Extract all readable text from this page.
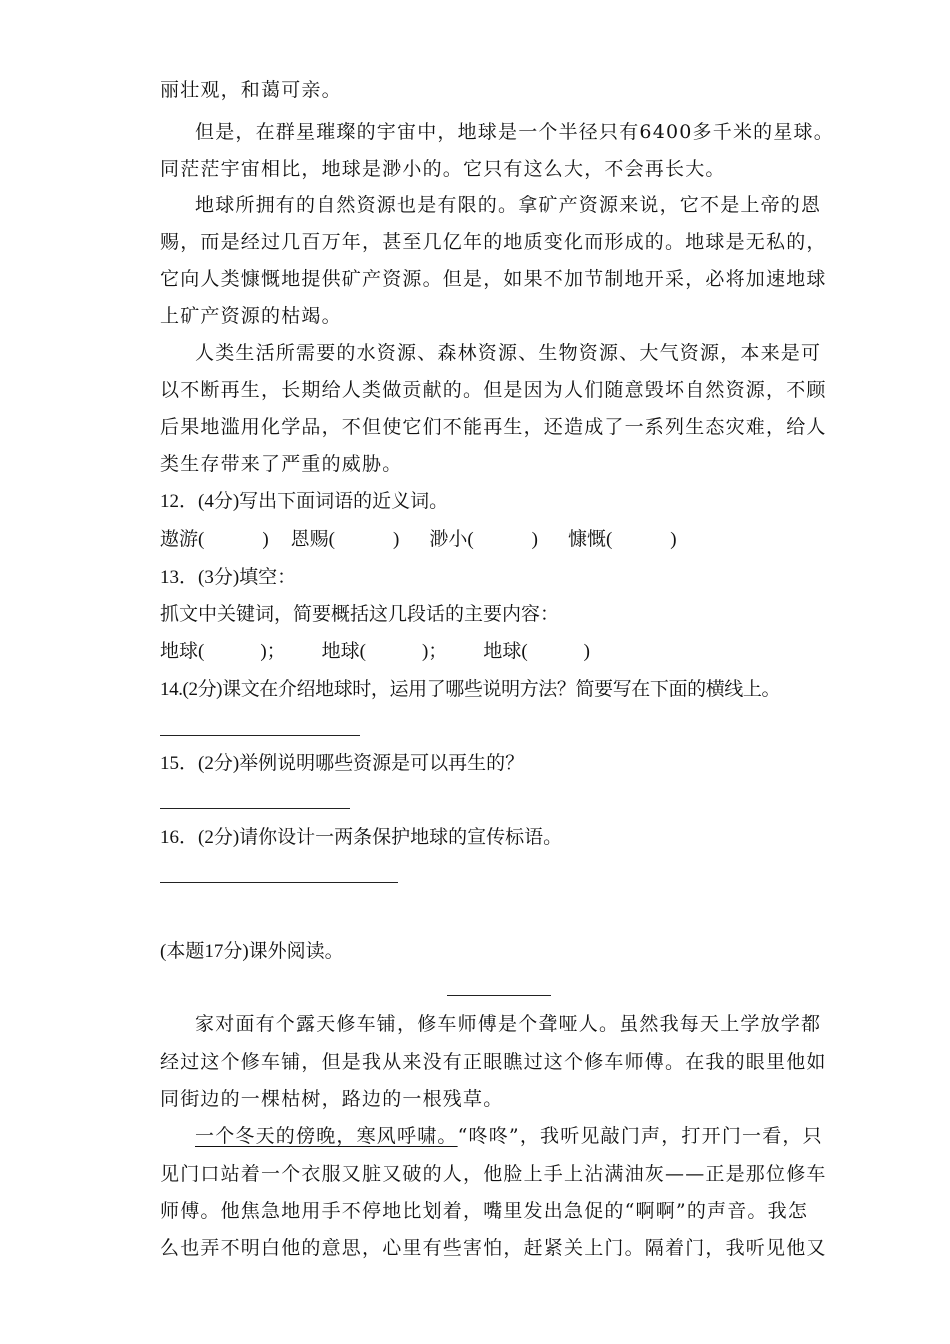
丽壮观，和蔼可亲。
但是，在群星璀璨的宇宙中，地球是一个半径只有6400多千米的星球。
同茫茫宇宙相比，地球是渺小的。它只有这么大，不会再长大。
地球所拥有的自然资源也是有限的。拿矿产资源来说，它不是上帝的恩
赐，而是经过几百万年，甚至几亿年的地质变化而形成的。地球是无私的，
它向人类慷慨地提供矿产资源。但是，如果不加节制地开采，必将加速地球
上矿产资源的枯竭。
人类生活所需要的水资源、森林资源、生物资源、大气资源，本来是可
以不断再生，长期给人类做贡献的。但是因为人们随意毁坏自然资源，不顾
后果地滥用化学品，不但使它们不能再生，还造成了一系列生态灾难，给人
类生存带来了严重的威胁。
12．(4分)写出下面词语的近义词。
遨游(	) 恩赐(	) 渺小(	) 慷慨(	)
13．(3分)填空：
抓文中关键词，简要概括这几段话的主要内容：
地球(	)； 地球(	)； 地球(	)
14.(2分)课文在介绍地球时，运用了哪些说明方法？简要写在下面的横线上。
15．(2分)举例说明哪些资源是可以再生的？
16．(2分)请你设计一两条保护地球的宣传标语。
(本题17分)课外阅读。
家对面有个露天修车铺，修车师傅是个聋哑人。虽然我每天上学放学都
经过这个修车铺，但是我从来没有正眼瞧过这个修车师傅。在我的眼里他如
同街边的一棵枯树，路边的一根残草。
一个冬天的傍晚，寒风呼啸。“咚咚”，我听见敲门声，打开门一看，只
见门口站着一个衣服又脏又破的人，他脸上手上沾满油灰——正是那位修车
师傅。他焦急地用手不停地比划着，嘴里发出急促的“啊啊”的声音。我怎
么也弄不明白他的意思，心里有些害怕，赶紧关上门。隔着门，我听见他又
